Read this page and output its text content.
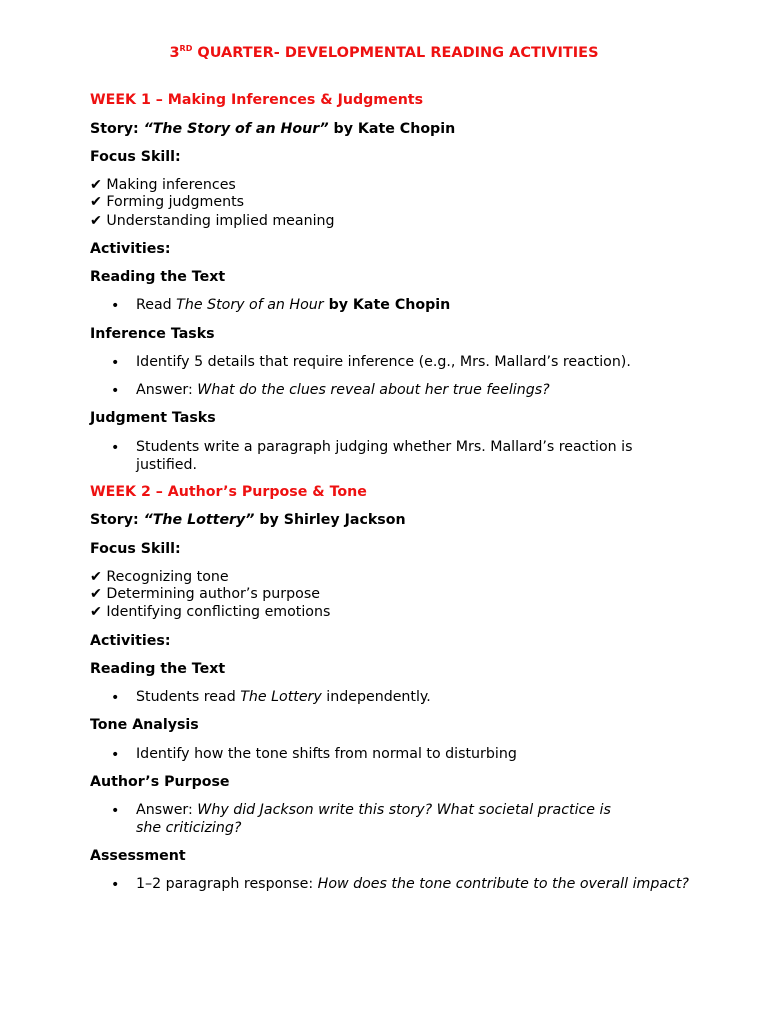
3RD QUARTER- DEVELOPMENTAL READING ACTIVITIES
WEEK 1 – Making Inferences & Judgments
Story: “The Story of an Hour” by Kate Chopin
Focus Skill:
✔ Making inferences
✔ Forming judgments
✔ Understanding implied meaning
Activities:
Reading the Text
• Read The Story of an Hour by Kate Chopin
Inference Tasks
• Identify 5 details that require inference (e.g., Mrs. Mallard’s reaction).
• Answer: What do the clues reveal about her true feelings?
Judgment Tasks
• Students write a paragraph judging whether Mrs. Mallard’s reaction is justified.
WEEK 2 – Author’s Purpose & Tone
Story: “The Lottery” by Shirley Jackson
Focus Skill:
✔ Recognizing tone
✔ Determining author’s purpose
✔ Identifying conflicting emotions
Activities:
Reading the Text
• Students read The Lottery independently.
Tone Analysis
• Identify how the tone shifts from normal to disturbing
Author’s Purpose
• Answer: Why did Jackson write this story? What societal practice is she criticizing?
Assessment
• 1–2 paragraph response: How does the tone contribute to the overall impact?
